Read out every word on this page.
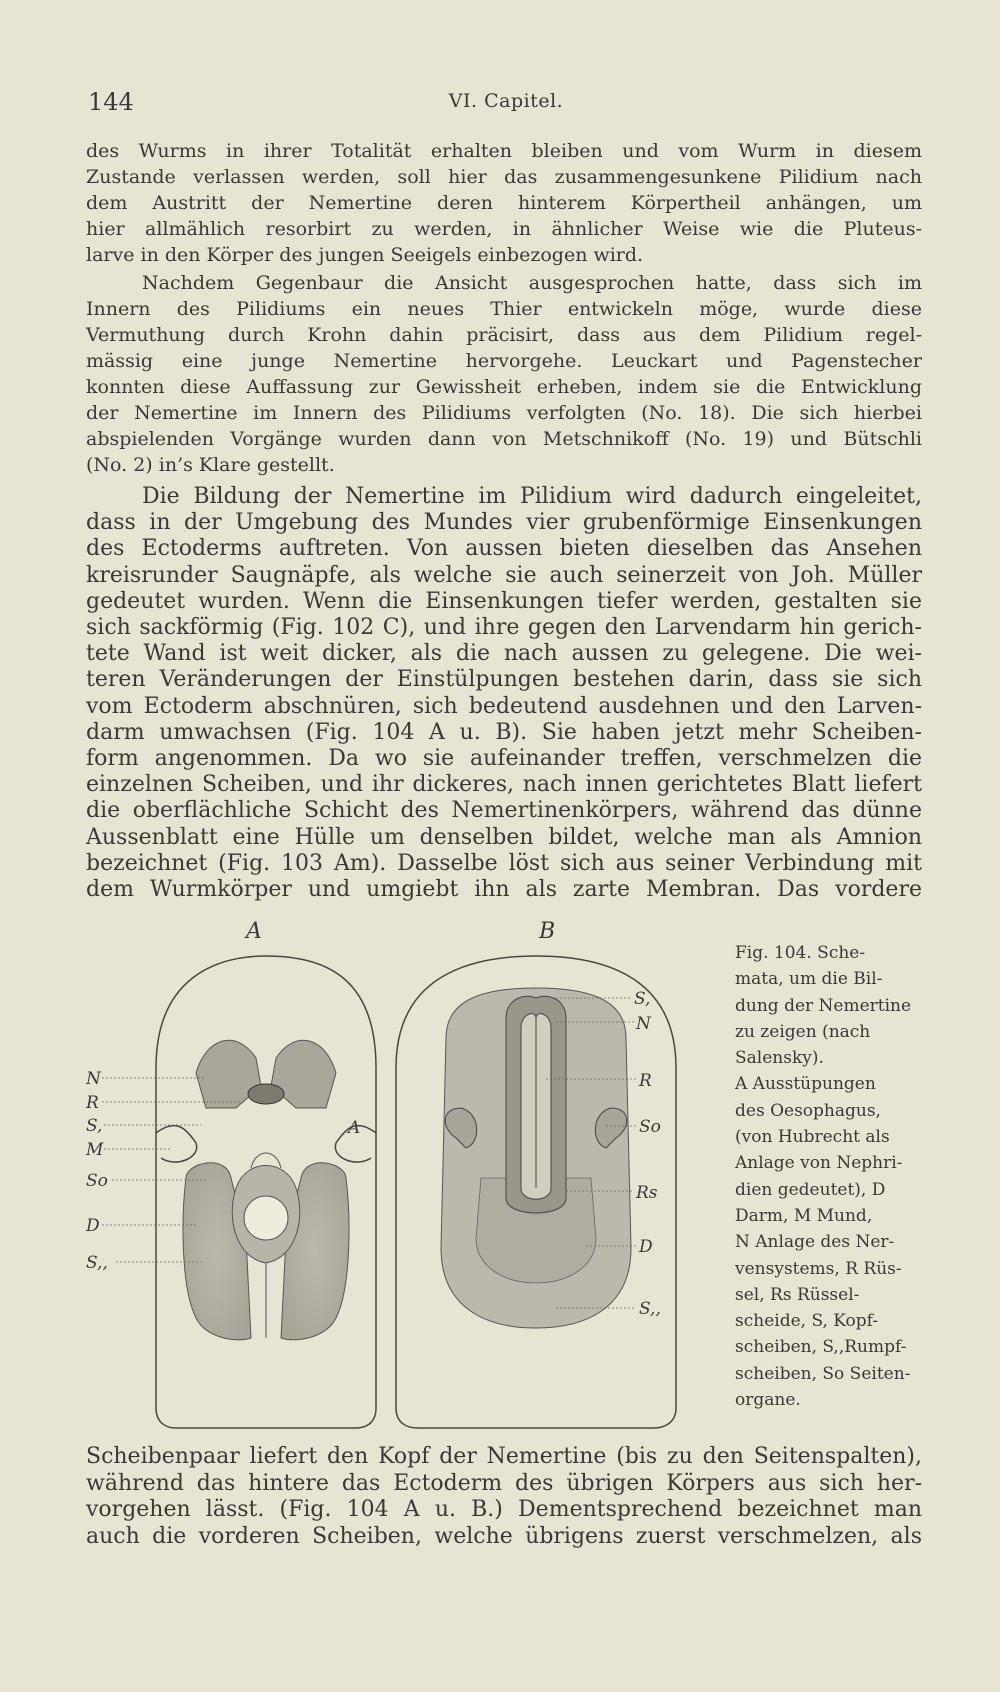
144	VI. Capitel.

des Wurms in ihrer Totalität erhalten bleiben und vom Wurm in diesem

Zustande verlassen werden, soll hier das zusammengesunkene Pilidium nach

dem Austritt der Nemertine deren hinterem Körpertheil anhängen, um

hier allmählich resorbirt zu werden, in ähnlicher Weise wie die Pluteus-

larve in den Körper des jungen Seeigels einbezogen wird.

Nachdem Gegenbaur die Ansicht ausgesprochen hatte, dass sich im

Innern des Pilidiums ein neues Thier entwickeln möge, wurde diese

Vermuthung durch Krohn dahin präcisirt, dass aus dem Pilidium regel-

mässig eine junge Nemertine hervorgehe. Leuckart und Pagenstecher

konnten diese Auffassung zur Gewissheit erheben, indem sie die Entwicklung

der Nemertine im Innern des Pilidiums verfolgten (No. 18). Die sich hierbei

abspielenden Vorgänge wurden dann von Metschnikoff (No. 19) und Bütschli

(No. 2) in’s Klare gestellt.

Die Bildung der Nemertine im Pilidium wird dadurch eingeleitet,

dass in der Umgebung des Mundes vier grubenförmige Einsenkungen

des Ectoderms auftreten. Von aussen bieten dieselben das Ansehen

kreisrunder Saugnäpfe, als welche sie auch seinerzeit von Joh. Müller

gedeutet wurden. Wenn die Einsenkungen tiefer werden, gestalten sie

sich sackförmig (Fig. 102 C), und ihre gegen den Larvendarm hin gerich-

tete Wand ist weit dicker, als die nach aussen zu gelegene. Die wei-

teren Veränderungen der Einstülpungen bestehen darin, dass sie sich

vom Ectoderm abschnüren, sich bedeutend ausdehnen und den Larven-

darm umwachsen (Fig. 104 A u. B). Sie haben jetzt mehr Scheiben-

form angenommen. Da wo sie aufeinander treffen, verschmelzen die

einzelnen Scheiben, und ihr dickeres, nach innen gerichtetes Blatt liefert

die oberflächliche Schicht des Nemertinenkörpers, während das dünne

Aussenblatt eine Hülle um denselben bildet, welche man als Amnion

bezeichnet (Fig. 103 Am). Dasselbe löst sich aus seiner Verbindung mit

dem Wurmkörper und umgiebt ihn als zarte Membran. Das vordere

A
N
R
S,
M
So
D
S,,
A
B
S,
N
R
So
Rs
D
S,,

Fig. 104. Sche-

mata, um die Bil-

dung der Nemertine

zu zeigen (nach

Salensky).

A Ausstüpungen

des Oesophagus,

(von Hubrecht als

Anlage von Nephri-

dien gedeutet), D

Darm, M Mund,

N Anlage des Ner-

vensystems, R Rüs-

sel, Rs Rüssel-

scheide, S, Kopf-

scheiben, S,,Rumpf-

scheiben, So Seiten-

organe.

Scheibenpaar liefert den Kopf der Nemertine (bis zu den Seitenspalten),

während das hintere das Ectoderm des übrigen Körpers aus sich her-

vorgehen lässt. (Fig. 104 A u. B.) Dementsprechend bezeichnet man

auch die vorderen Scheiben, welche übrigens zuerst verschmelzen, als
